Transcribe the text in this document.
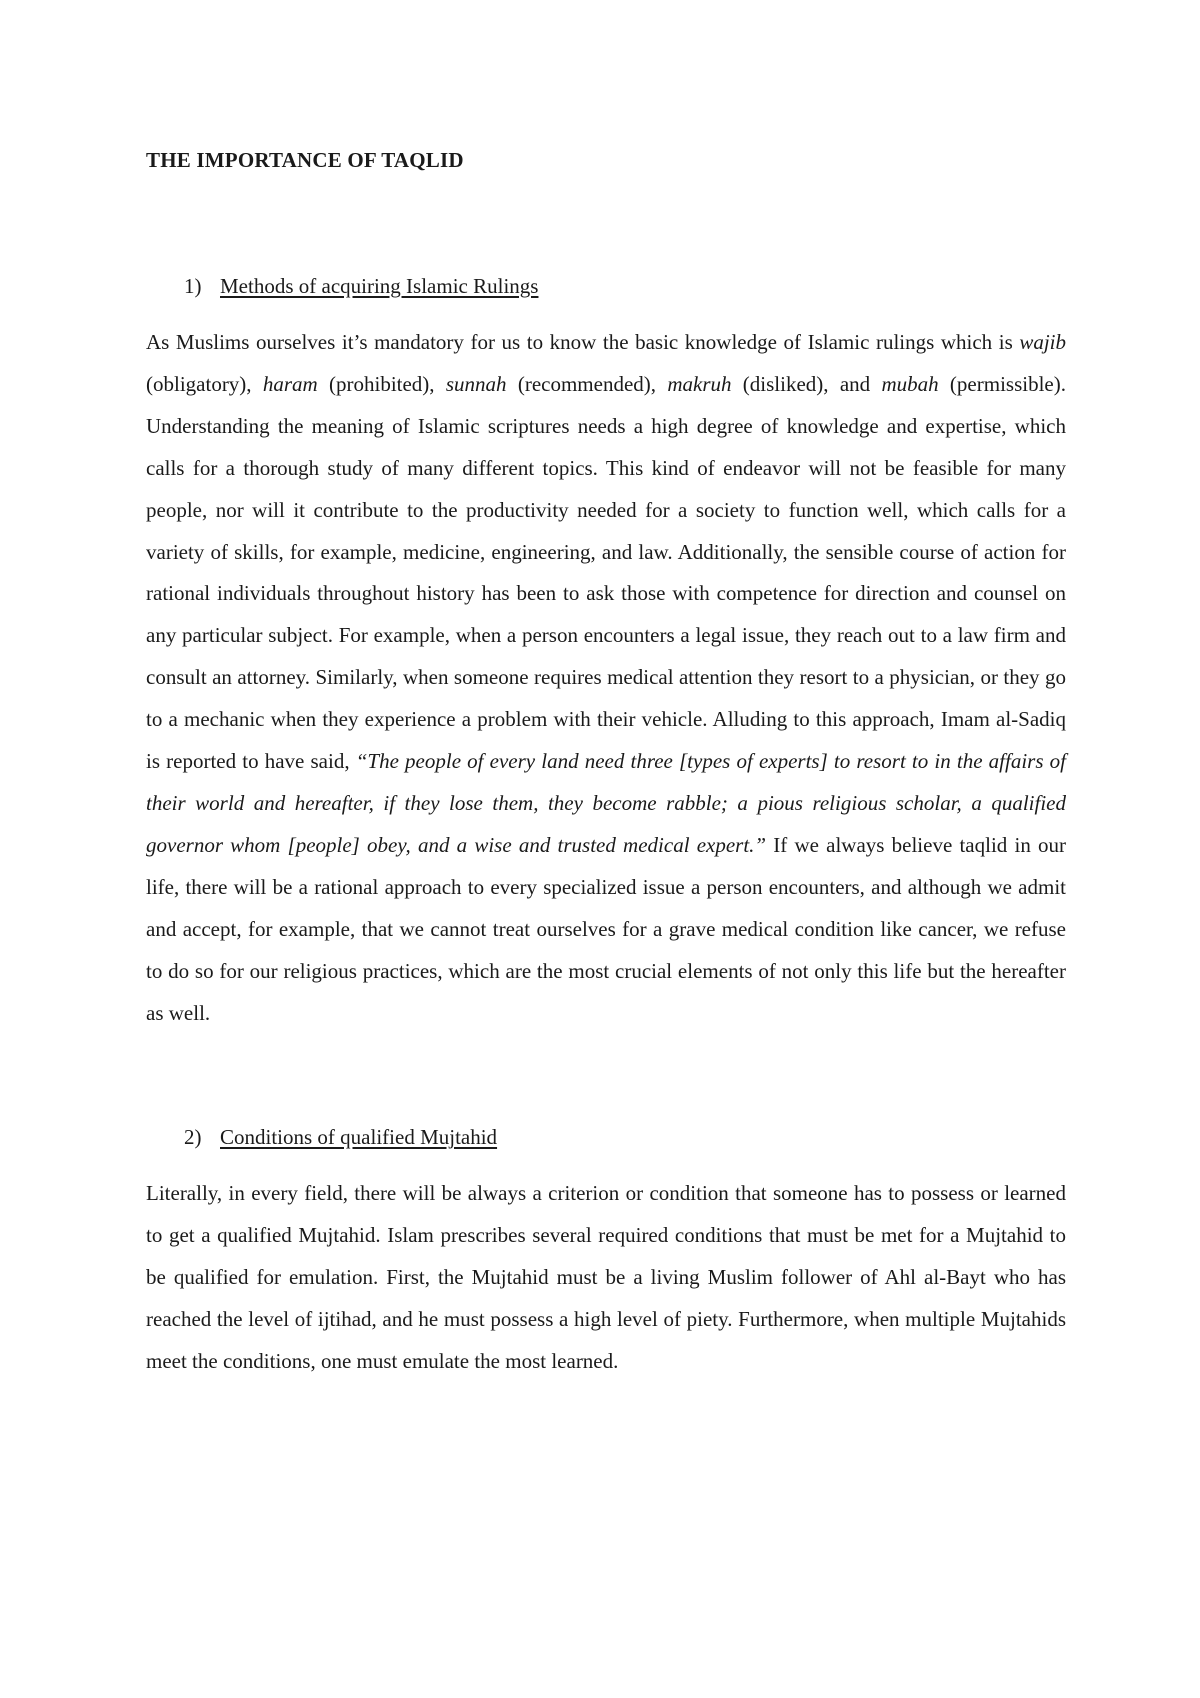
THE IMPORTANCE OF TAQLID
1) Methods of acquiring Islamic Rulings

As Muslims ourselves it’s mandatory for us to know the basic knowledge of Islamic rulings which is wajib (obligatory), haram (prohibited), sunnah (recommended), makruh (disliked), and mubah (permissible). Understanding the meaning of Islamic scriptures needs a high degree of knowledge and expertise, which calls for a thorough study of many different topics. This kind of endeavor will not be feasible for many people, nor will it contribute to the productivity needed for a society to function well, which calls for a variety of skills, for example, medicine, engineering, and law. Additionally, the sensible course of action for rational individuals throughout history has been to ask those with competence for direction and counsel on any particular subject. For example, when a person encounters a legal issue, they reach out to a law firm and consult an attorney. Similarly, when someone requires medical attention they resort to a physician, or they go to a mechanic when they experience a problem with their vehicle. Alluding to this approach, Imam al-Sadiq is reported to have said, “The people of every land need three [types of experts] to resort to in the affairs of their world and hereafter, if they lose them, they become rabble; a pious religious scholar, a qualified governor whom [people] obey, and a wise and trusted medical expert.” If we always believe taqlid in our life, there will be a rational approach to every specialized issue a person encounters, and although we admit and accept, for example, that we cannot treat ourselves for a grave medical condition like cancer, we refuse to do so for our religious practices, which are the most crucial elements of not only this life but the hereafter as well.

2) Conditions of qualified Mujtahid

Literally, in every field, there will be always a criterion or condition that someone has to possess or learned to get a qualified Mujtahid. Islam prescribes several required conditions that must be met for a Mujtahid to be qualified for emulation. First, the Mujtahid must be a living Muslim follower of Ahl al-Bayt who has reached the level of ijtihad, and he must possess a high level of piety. Furthermore, when multiple Mujtahids meet the conditions, one must emulate the most learned.
